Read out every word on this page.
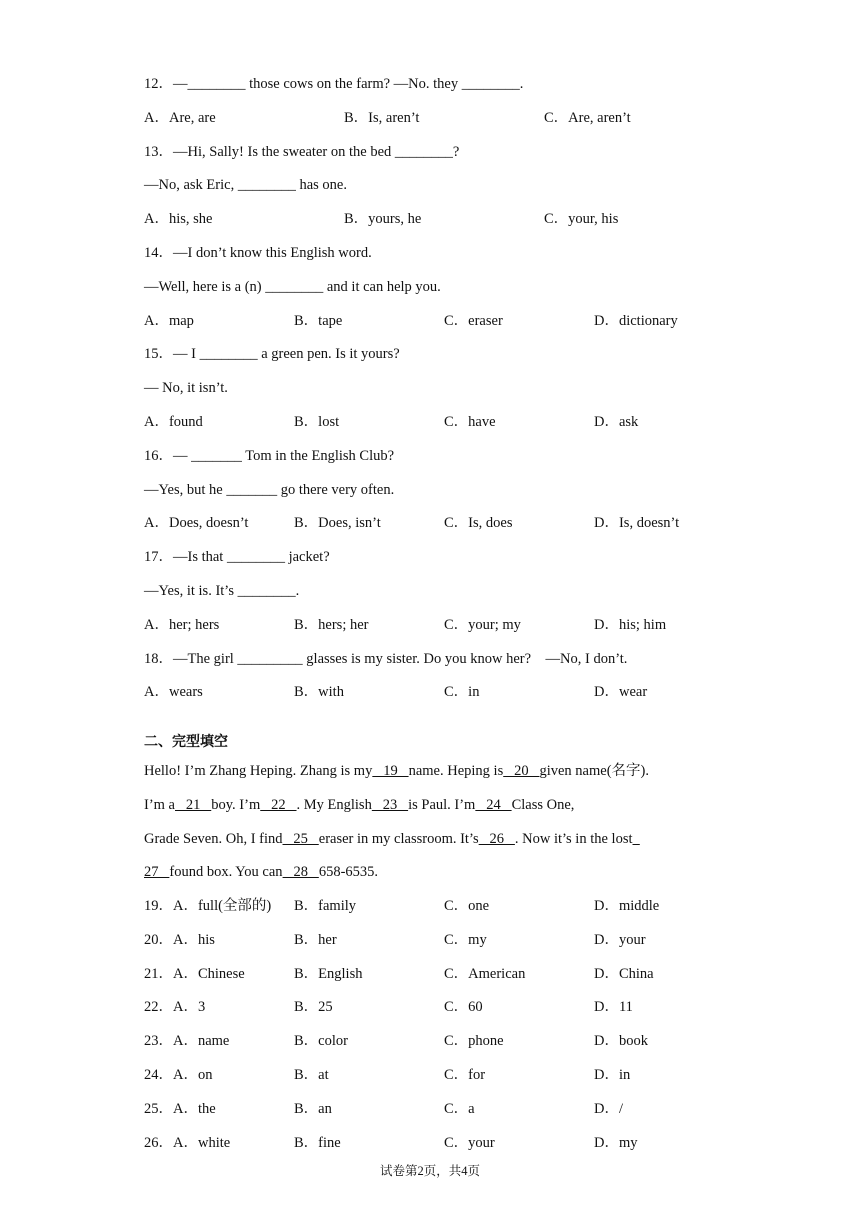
12．—________ those cows on the farm? —No. they ________.
A．Are, are	B．Is, aren’t	C．Are, aren’t
13．—Hi, Sally! Is the sweater on the bed ________?
—No, ask Eric, ________ has one.
A．his, she	B．yours, he	C．your, his
14．—I don’t know this English word.
—Well, here is a (n) ________ and it can help you.
A．map	B．tape	C．eraser	D．dictionary
15．— I ________ a green pen. Is it yours?
— No, it isn’t.
A．found	B．lost	C．have	D．ask
16．— _______ Tom in the English Club?
—Yes, but he _______ go there very often.
A．Does, doesn’t	B．Does, isn’t	C．Is, does	D．Is, doesn’t
17．—Is that ________ jacket?
—Yes, it is. It’s ________.
A．her; hers	B．hers; her	C．your; my	D．his; him
18．—The girl _________ glasses is my sister. Do you know her?　—No, I don’t.
A．wears	B．with	C．in	D．wear
二、完型填空
Hello! I’m Zhang Heping. Zhang is my   19   name. Heping is   20   given name(名字).
I’m a   21   boy. I’m   22   . My English   23   is Paul. I’m   24   Class One,
Grade Seven. Oh, I find   25   eraser in my classroom. It’s   26   . Now it’s in the lost
27   found box. You can   28   658-6535.
19．A．full(全部的) B．family	C．one	D．middle
20．A．his	B．her	C．my	D．your
21．A．Chinese	B．English	C．American	D．China
22．A．3	B．25	C．60	D．11
23．A．name	B．color	C．phone	D．book
24．A．on	B．at	C．for	D．in
25．A．the	B．an	C．a	D．/
26．A．white	B．fine	C．your	D．my
试卷第2页，共4页
